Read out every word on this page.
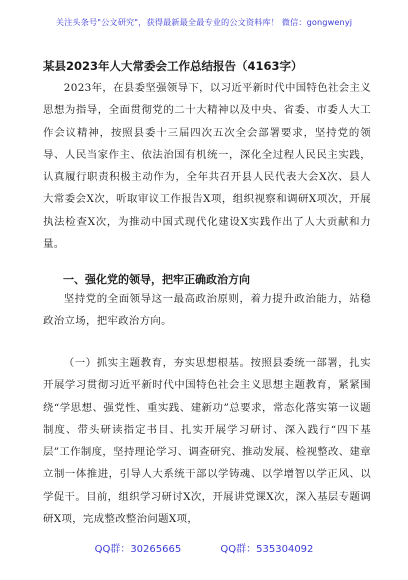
关注头条号"公文研究"，获得最新最全最专业的公文资料库！ 微信：gongwenyj
某县2023年人大常委会工作总结报告（4163字）
2023年，在县委坚强领导下，以习近平新时代中国特色社会主义思想为指导，全面贯彻党的二十大精神以及中央、省委、市委人大工作会议精神，按照县委十三届四次五次全会部署要求，坚持党的领导、人民当家作主、依法治国有机统一，深化全过程人民民主实践，认真履行职责积极主动作为，全年共召开县人民代表大会X次、县人大常委会X次，听取审议工作报告X项，组织视察和调研X项次，开展执法检查X次，为推动中国式现代化建设X实践作出了人大贡献和力量。
一、强化党的领导，把牢正确政治方向
坚持党的全面领导这一最高政治原则，着力提升政治能力，站稳政治立场，把牢政治方向。
（一）抓实主题教育，夯实思想根基。按照县委统一部署，扎实开展学习贯彻习近平新时代中国特色社会主义思想主题教育，紧紧围绕“学思想、强党性、重实践、建新功”总要求，常态化落实第一议题制度、带头研读指定书目、扎实开展学习研讨、深入践行“四下基层”工作制度，坚持理论学习、调查研究、推动发展、检视整改、建章立制一体推进，引导人大系统干部以学铸魂、以学增智以学正风、以学促干。目前，组织学习研讨X次，开展讲党课X次，深入基层专题调研X项，完成整改整治问题X项，
QQ群：30265665	QQ群：535304092
